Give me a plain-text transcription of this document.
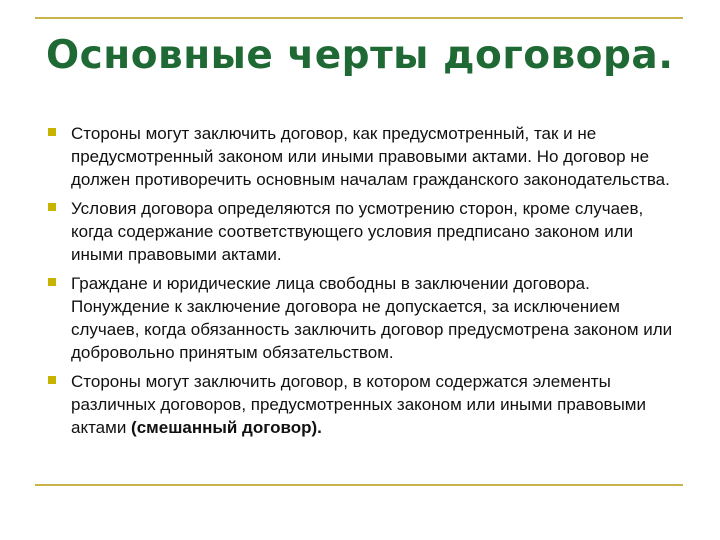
Основные черты договора.
Стороны могут заключить договор, как предусмотренный, так и не предусмотренный законом или иными правовыми актами. Но договор не должен противоречить основным началам гражданского законодательства.
Условия договора определяются по усмотрению сторон, кроме случаев, когда содержание соответствующего условия предписано законом или иными правовыми актами.
Граждане и юридические лица свободны в заключении договора. Понуждение к заключение договора не допускается, за исключением случаев, когда обязанность заключить договор предусмотрена законом или добровольно принятым обязательством.
Стороны могут заключить договор, в котором содержатся элементы различных договоров, предусмотренных законом или иными правовыми актами (смешанный договор).
